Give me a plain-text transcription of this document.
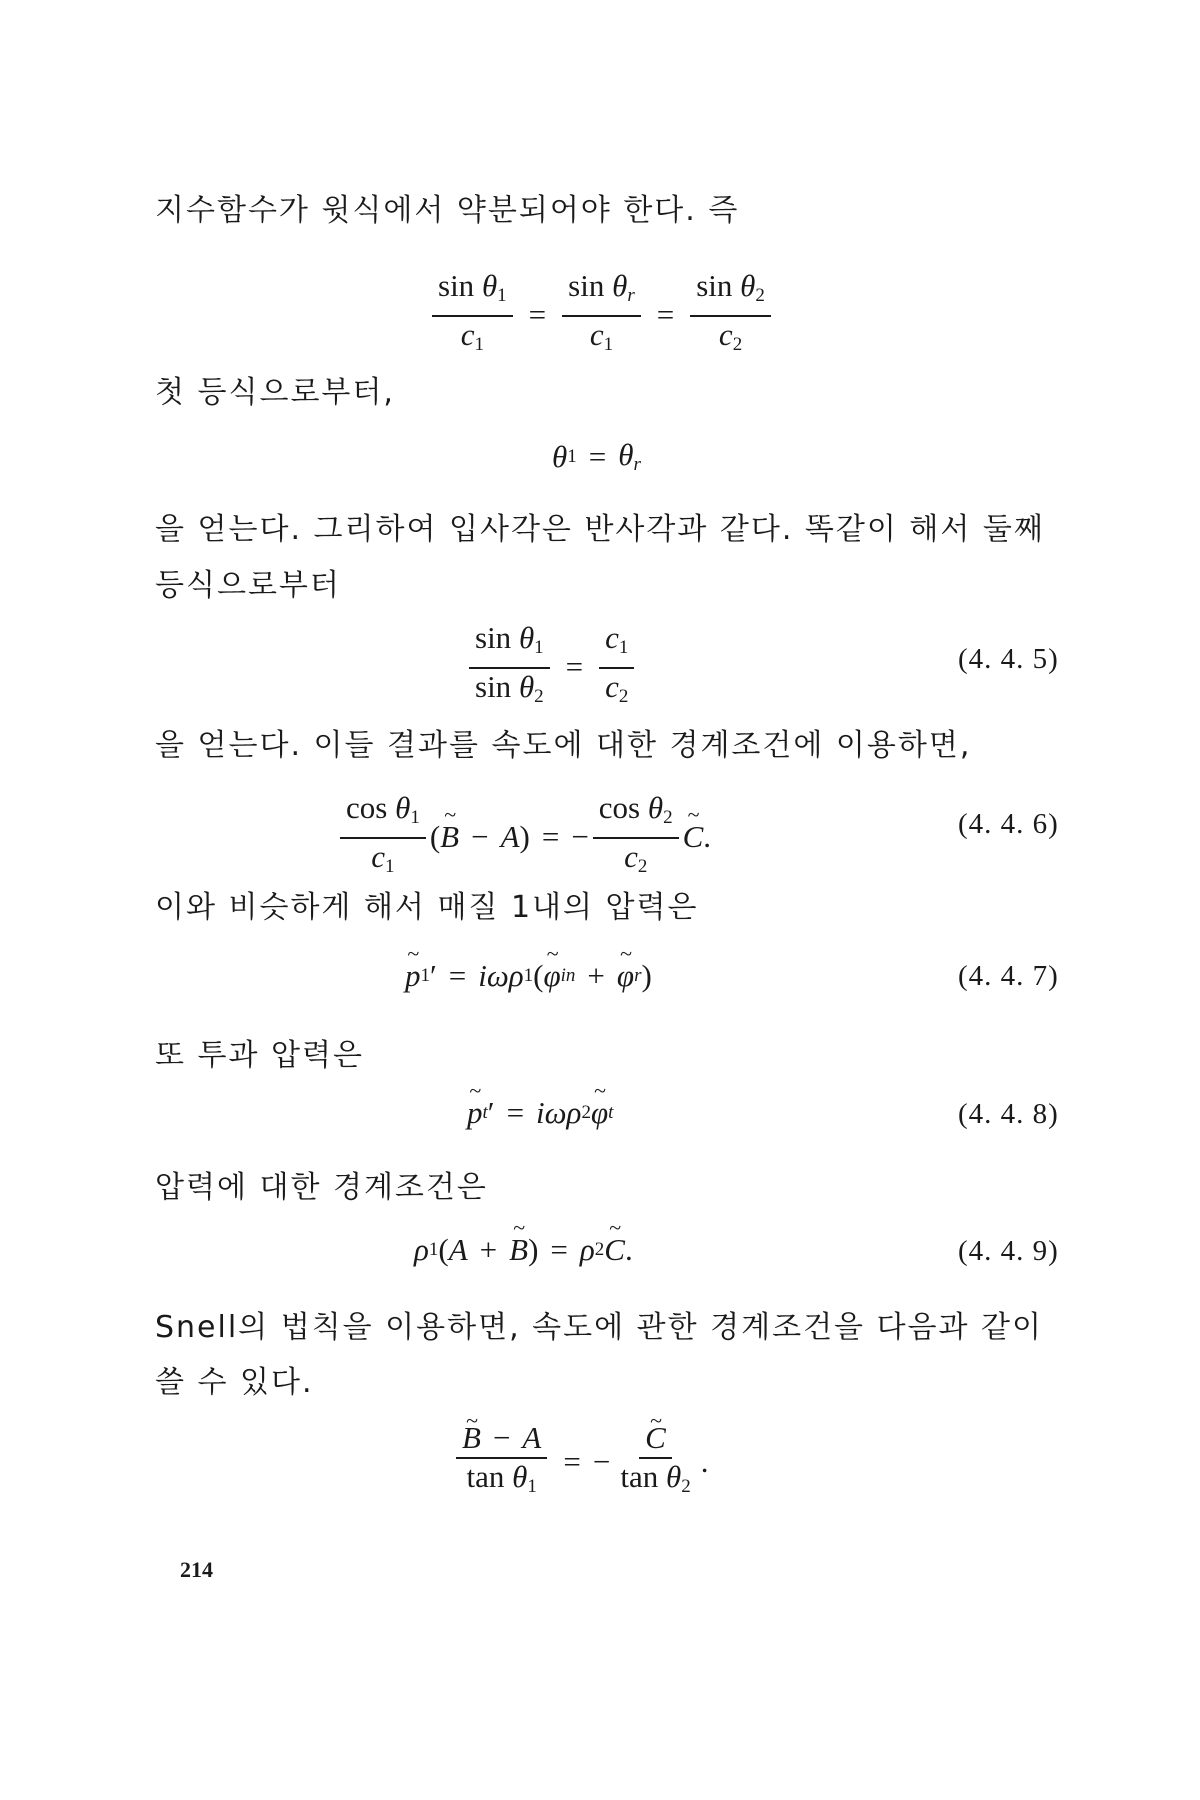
지수함수가 윗식에서 약분되어야 한다. 즉
$\frac{\sin \theta_1}{c_1} = \frac{\sin \theta_r}{c_1} = \frac{\sin \theta_2}{c_2}$
첫 등식으로부터,
θ $1 = \theta_r$
을 얻는다. 그리하여 입사각은 반사각과 같다. 똑같이 해서 둘째
등식으로부터
$\frac{\sin \theta_1}{\sin \theta_2} = \frac{c_1}{c_2}$	(4. 4. 5)
을 얻는다. 이들 결과를 속도에 대한 경계조건에 이용하면,
$\frac{\cos \theta_1}{c_1}$ (~ B − A) = − $\frac{\cos \theta_2}{c_2}$ ~ C.	(4. 4. 6)
이와 비슷하게 해서 매질 1내의 압력은
~ p 1 ′ = iωρ 1 ( ~ φ in + ~ φ r )	(4. 4. 7)
또 투과 압력은
~ p t ′ = iωρ 2 ~ φ t	(4. 4. 8)
압력에 대한 경계조건은
ρ 1 ( A + ~ B ) = ρ 2 ~ C .	(4. 4. 9)
Snell의 법칙을 이용하면, 속도에 관한 경계조건을 다음과 같이
쓸 수 있다.
~ $\frac{B - A}{\tan \theta_1}$ = − ~ $\frac{C}{\tan \theta_2}$ .
214
